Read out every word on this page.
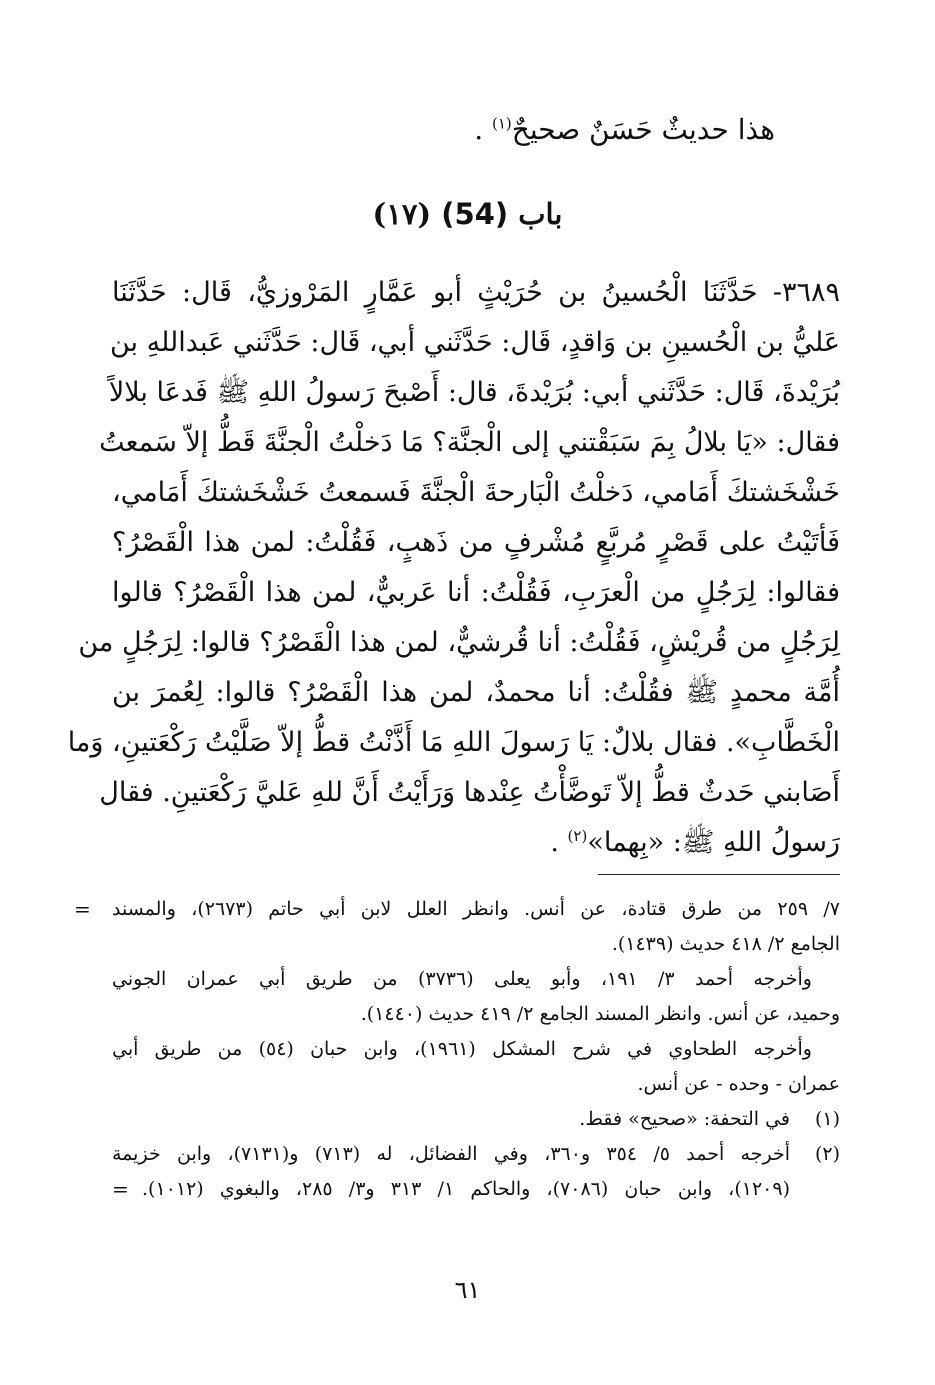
هذا حديثٌ حَسَنٌ صحيحٌ$^{(١)}$ .
باب (54) (١٧)
٣٦٨٩- حَدَّثَنَا الْحُسينُ بن حُرَيْثٍ أبو عَمَّارٍ المَرْوزيُّ، قَال: حَدَّثَنَا
عَليُّ بن الْحُسينِ بن وَاقدٍ، قَال: حَدَّثَني أبي، قَال: حَدَّثَني عَبداللهِ بن
بُرَيْدةَ، قَال: حَدَّثَني أبي: بُرَيْدةَ، قال: أَصْبحَ رَسولُ اللهِ ﷺ فَدعَا بلالاً
فقال: «يَا بلالُ بِمَ سَبَقْتني إلى الْجنَّة؟ مَا دَخلْتُ الْجنَّةَ قَطُّ إلاّ سَمعتُ
خَشْخَشتكَ أَمَامي، دَخلْتُ الْبَارحةَ الْجنَّةَ فَسمعتُ خَشْخَشتكَ أَمَامي،
فَأتَيْتُ على قَصْرٍ مُربَّعٍ مُشْرفٍ من ذَهبٍ، فَقُلْتُ: لمن هذا الْقَصْرُ؟
فقالوا: لِرَجُلٍ من الْعرَبِ، فَقُلْتُ: أنا عَربيٌّ، لمن هذا الْقَصْرُ؟ قالوا
لِرَجُلٍ من قُريْشٍ، فَقُلْتُ: أنا قُرشيٌّ، لمن هذا الْقَصْرُ؟ قالوا: لِرَجُلٍ من
أُمَّة محمدٍ ﷺ فقُلْتُ: أنا محمدٌ، لمن هذا الْقَصْرُ؟ قالوا: لِعُمرَ بن
الْخَطَّابِ». فقال بلالٌ: يَا رَسولَ اللهِ مَا أَذَّنْتُ قطُّ إلاّ صَلَّيْتُ رَكْعَتينِ، وَما
أَصَابني حَدثٌ قطُّ إلاّ تَوضَّأْتُ عِنْدها وَرَأَيْتُ أَنَّ للهِ عَليَّ رَكْعَتينِ. فقال
رَسولُ اللهِ ﷺ: «بِهما»$^{(٢)}$ .
٧/ ٢٥٩ من طرق قتادة، عن أنس. وانظر العلل لابن أبي حاتم (٢٦٧٣)، والمسند
=
الجامع ٢/ ٤١٨ حديث (١٤٣٩).
وأخرجه أحمد ٣/ ١٩١، وأبو يعلى (٣٧٣٦) من طريق أبي عمران الجوني
وحميد، عن أنس. وانظر المسند الجامع ٢/ ٤١٩ حديث (١٤٤٠).
وأخرجه الطحاوي في شرح المشكل (١٩٦١)، وابن حبان (٥٤) من طريق أبي
عمران - وحده - عن أنس.
(١)
في التحفة: «صحيح» فقط.
(٢)
أخرجه أحمد ٥/ ٣٥٤ و٣٦٠، وفي الفضائل، له (٧١٣) و(٧١٣١)، وابن خزيمة
(١٢٠٩)، وابن حبان (٧٠٨٦)، والحاكم ١/ ٣١٣ و٣/ ٢٨٥، والبغوي (١٠١٢).
=
٦١
